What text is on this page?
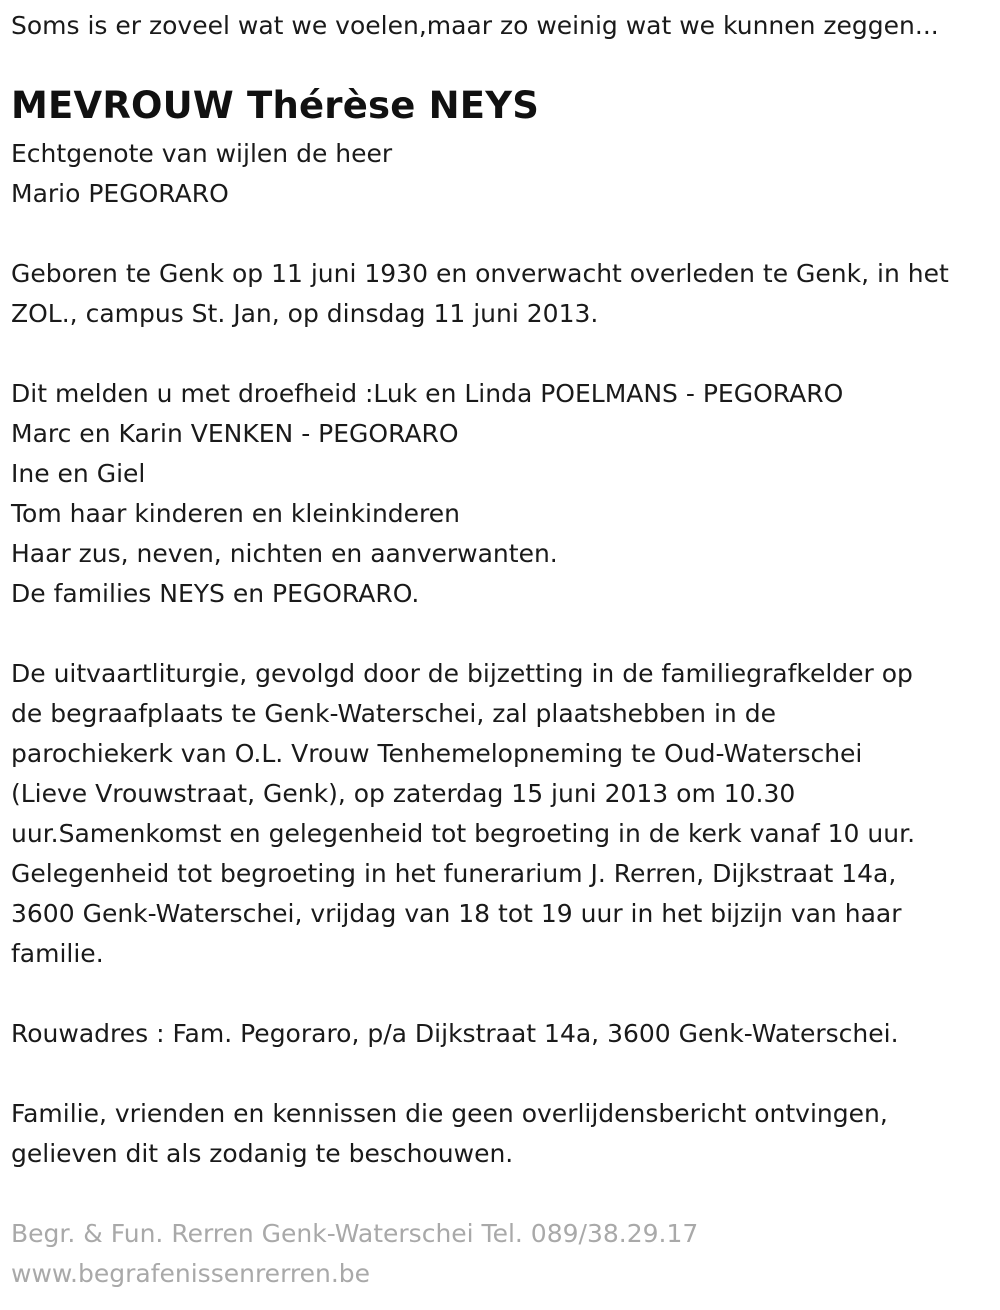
Soms is er zoveel wat we voelen,maar zo weinig wat we kunnen zeggen...
MEVROUW Thérèse NEYS

Echtgenote van wijlen de heer

Mario PEGORARO

Geboren te Genk op 11 juni 1930 en onverwacht overleden te Genk, in het

ZOL., campus St. Jan, op dinsdag 11 juni 2013.

Dit melden u met droefheid :Luk en Linda POELMANS - PEGORARO

Marc en Karin VENKEN - PEGORARO

Ine en Giel

Tom haar kinderen en kleinkinderen

Haar zus, neven, nichten en aanverwanten.

De families NEYS en PEGORARO.

De uitvaartliturgie, gevolgd door de bijzetting in de familiegrafkelder op

de begraafplaats te Genk-Waterschei, zal plaatshebben in de

parochiekerk van O.L. Vrouw Tenhemelopneming te Oud-Waterschei

(Lieve Vrouwstraat, Genk), op zaterdag 15 juni 2013 om 10.30

uur.Samenkomst en gelegenheid tot begroeting in de kerk vanaf 10 uur.

Gelegenheid tot begroeting in het funerarium J. Rerren, Dijkstraat 14a,

3600 Genk-Waterschei, vrijdag van 18 tot 19 uur in het bijzijn van haar

familie.

Rouwadres : Fam. Pegoraro, p/a Dijkstraat 14a, 3600 Genk-Waterschei.

Familie, vrienden en kennissen die geen overlijdensbericht ontvingen,

gelieven dit als zodanig te beschouwen.

Begr. & Fun. Rerren Genk-Waterschei Tel. 089/38.29.17

www.begrafenissenrerren.be
